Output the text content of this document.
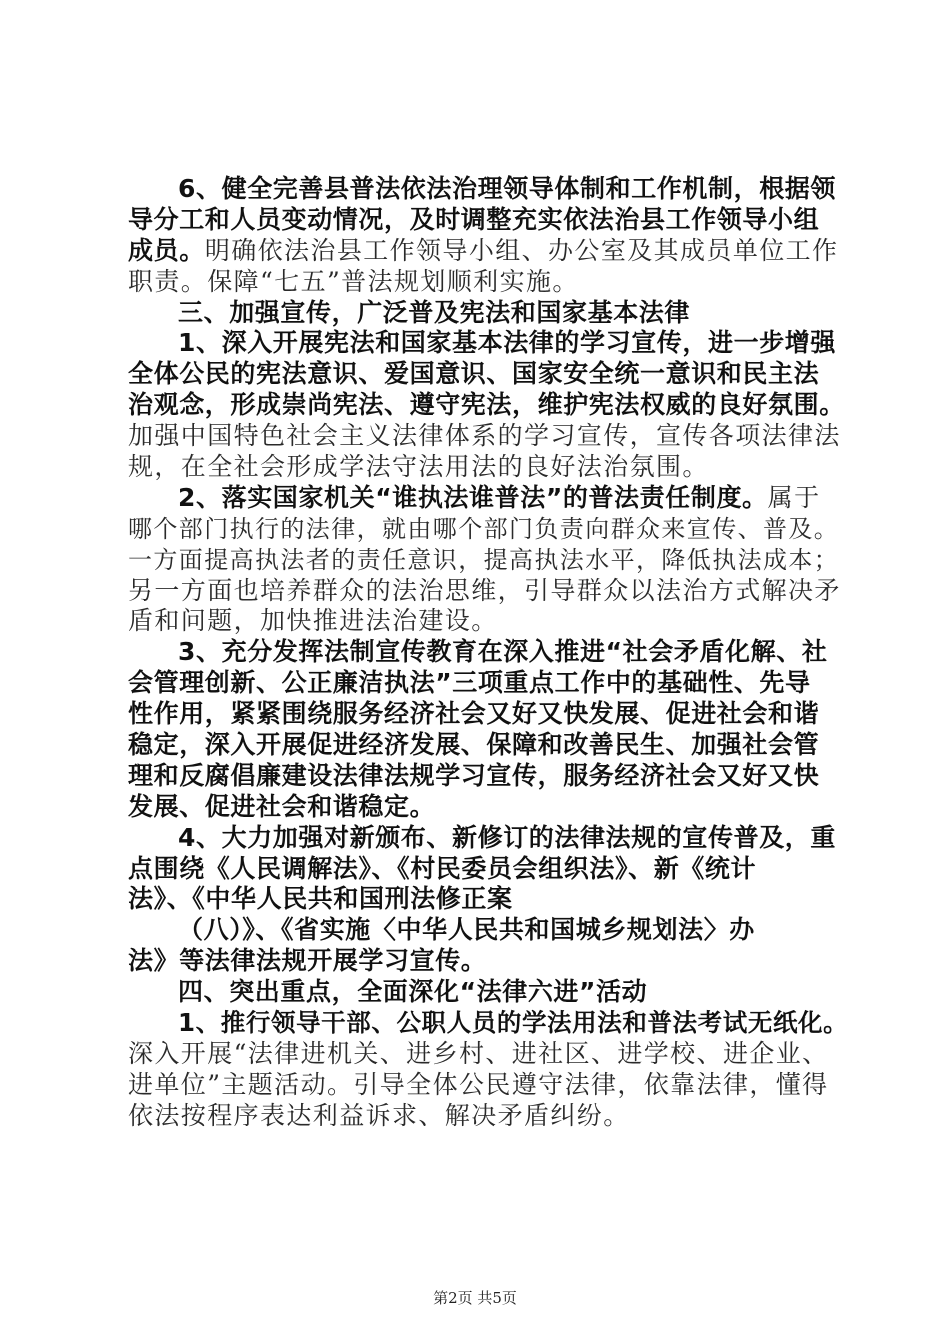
6、健全完善县普法依法治理领导体制和工作机制，根据领
导分工和人员变动情况，及时调整充实依法治县工作领导小组
成员。明确依法治县工作领导小组、办公室及其成员单位工作
职责。保障“七五”普法规划顺利实施。
三、加强宣传，广泛普及宪法和国家基本法律
1、深入开展宪法和国家基本法律的学习宣传，进一步增强
全体公民的宪法意识、爱国意识、国家安全统一意识和民主法
治观念，形成崇尚宪法、遵守宪法，维护宪法权威的良好氛围。
加强中国特色社会主义法律体系的学习宣传，宣传各项法律法
规，在全社会形成学法守法用法的良好法治氛围。
2、落实国家机关“谁执法谁普法”的普法责任制度。属于
哪个部门执行的法律，就由哪个部门负责向群众来宣传、普及。
一方面提高执法者的责任意识，提高执法水平，降低执法成本；
另一方面也培养群众的法治思维，引导群众以法治方式解决矛
盾和问题，加快推进法治建设。
3、充分发挥法制宣传教育在深入推进“社会矛盾化解、社
会管理创新、公正廉洁执法”三项重点工作中的基础性、先导
性作用，紧紧围绕服务经济社会又好又快发展、促进社会和谐
稳定，深入开展促进经济发展、保障和改善民生、加强社会管
理和反腐倡廉建设法律法规学习宣传，服务经济社会又好又快
发展、促进社会和谐稳定。
4、大力加强对新颁布、新修订的法律法规的宣传普及，重
点围绕《人民调解法》、《村民委员会组织法》、新《统计
法》、《中华人民共和国刑法修正案
（八）》、《省实施〈中华人民共和国城乡规划法〉办
法》等法律法规开展学习宣传。
四、突出重点，全面深化“法律六进”活动
1、推行领导干部、公职人员的学法用法和普法考试无纸化。
深入开展“法律进机关、进乡村、进社区、进学校、进企业、
进单位”主题活动。引导全体公民遵守法律，依靠法律，懂得
依法按程序表达利益诉求、解决矛盾纠纷。
第2页 共5页
